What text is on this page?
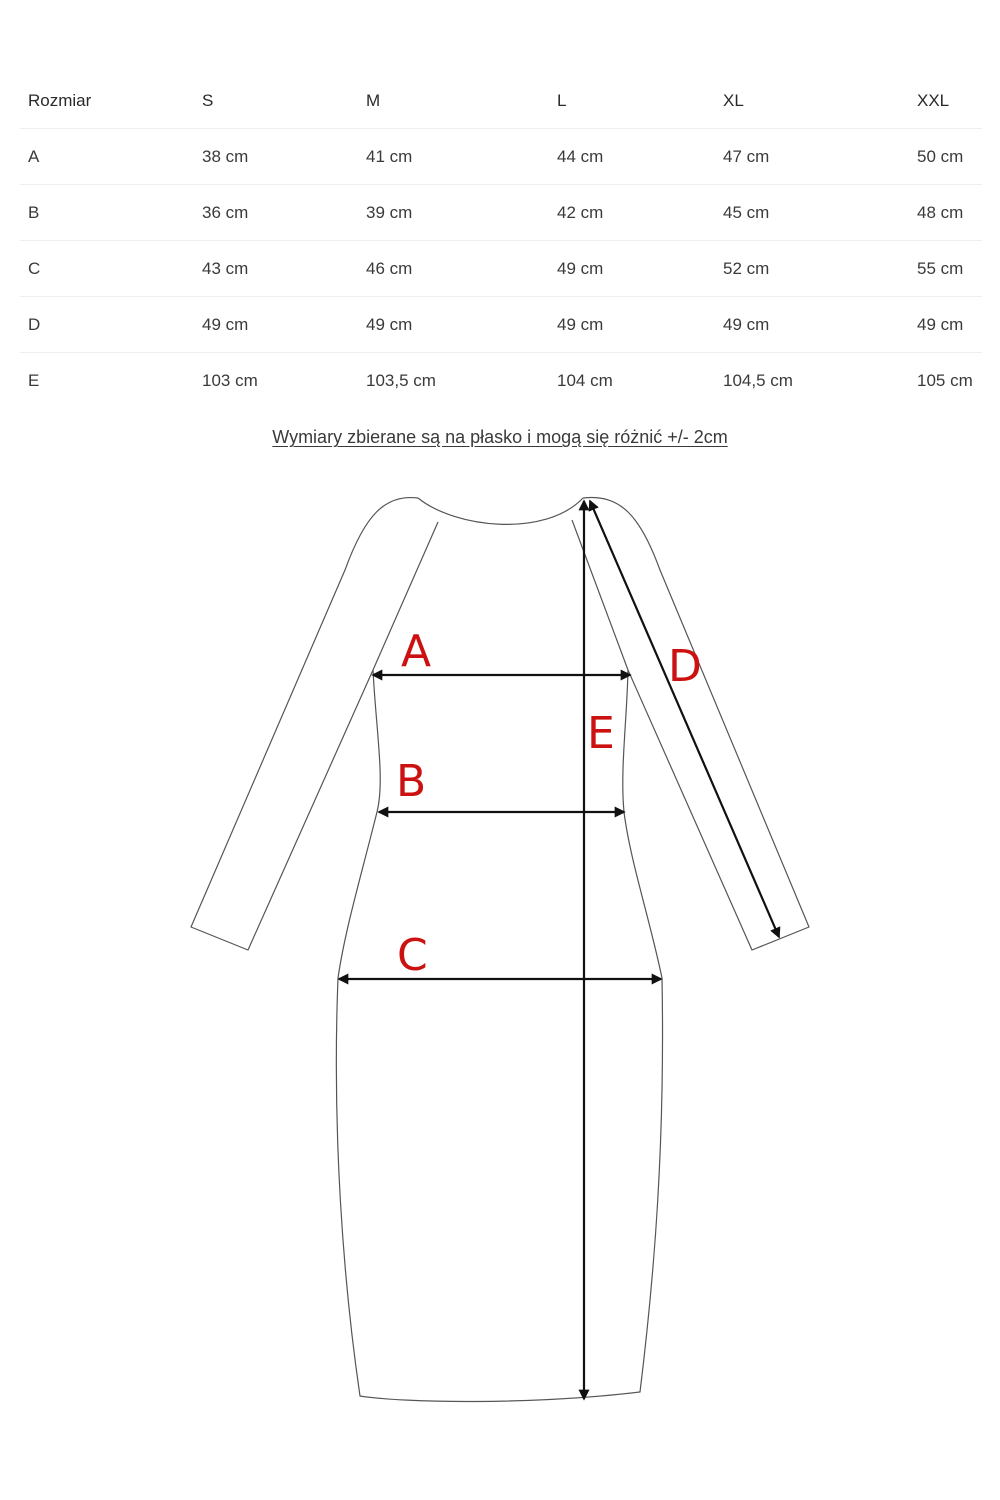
Rozmiar	S	M	L	XL	XXL
A	38 cm	41 cm	44 cm	47 cm	50 cm
B	36 cm	39 cm	42 cm	45 cm	48 cm
C	43 cm	46 cm	49 cm	52 cm	55 cm
D	49 cm	49 cm	49 cm	49 cm	49 cm
E	103 cm	103,5 cm	104 cm	104,5 cm	105 cm
Wymiary zbierane są na płasko i mogą się różnić +/- 2cm
A
B
C
D
E
